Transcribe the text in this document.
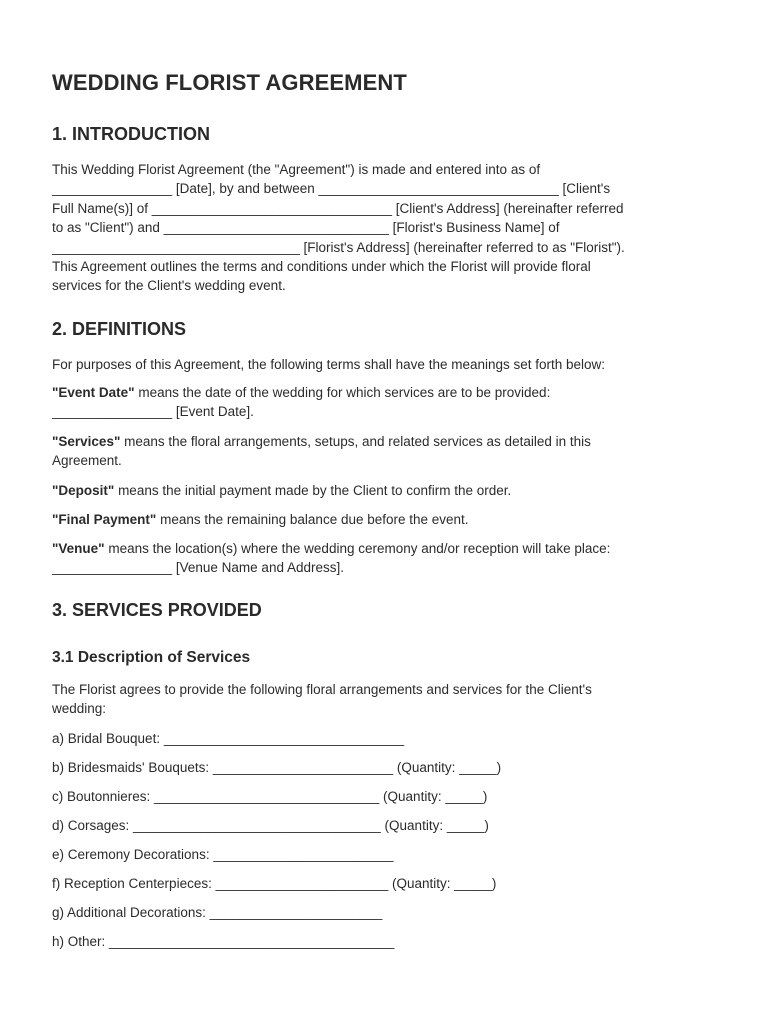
WEDDING FLORIST AGREEMENT
1. INTRODUCTION
This Wedding Florist Agreement (the "Agreement") is made and entered into as of
________________ [Date], by and between ________________________________ [Client's
Full Name(s)] of ________________________________ [Client's Address] (hereinafter referred
to as "Client") and ______________________________ [Florist's Business Name] of
_________________________________ [Florist's Address] (hereinafter referred to as "Florist").
This Agreement outlines the terms and conditions under which the Florist will provide floral
services for the Client's wedding event.
2. DEFINITIONS
For purposes of this Agreement, the following terms shall have the meanings set forth below:
"Event Date" means the date of the wedding for which services are to be provided:
________________ [Event Date].
"Services" means the floral arrangements, setups, and related services as detailed in this
Agreement.
"Deposit" means the initial payment made by the Client to confirm the order.
"Final Payment" means the remaining balance due before the event.
"Venue" means the location(s) where the wedding ceremony and/or reception will take place:
________________ [Venue Name and Address].
3. SERVICES PROVIDED
3.1 Description of Services
The Florist agrees to provide the following floral arrangements and services for the Client's
wedding:
a) Bridal Bouquet: ________________________________
b) Bridesmaids' Bouquets: ________________________ (Quantity: _____)
c) Boutonnieres: ______________________________ (Quantity: _____)
d) Corsages: _________________________________ (Quantity: _____)
e) Ceremony Decorations: ________________________
f) Reception Centerpieces: _______________________ (Quantity: _____)
g) Additional Decorations: _______________________
h) Other: ______________________________________
